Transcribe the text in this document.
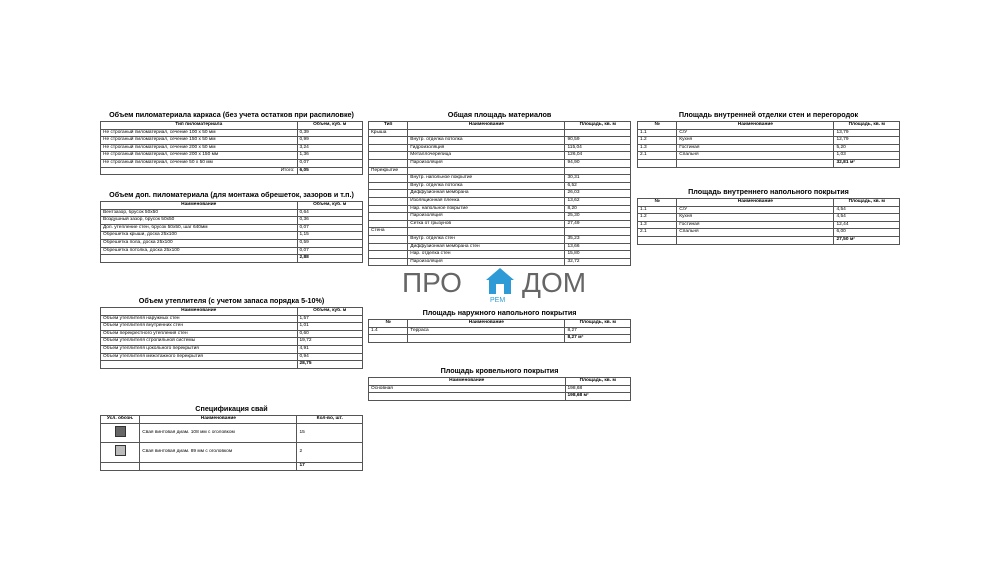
Объем пиломатериала каркаса (без учета остатков при распиловке)
Тип пиломатериала	Объем, куб. м
Не строганый пиломатериал, сечение 100 х 50 мм	0,39
Не строганый пиломатериал, сечение 150 х 50 мм	0,99
Не строганый пиломатериал, сечение 200 х 50 мм	3,24
Не строганый пиломатериал, сечение 200 х 150 мм	1,36
Не строганый пиломатериал, сечение 50 х 50 мм	0,07
Итого:	6,05
Объем доп. пиломатериала (для монтажа обрешеток, зазоров и т.п.)
Наименование	Объем, куб. м
Вентзазор, брусок 50х50	0,64
Воздушный зазор, брусок 50х50	0,36
Доп. утепление стен, брусок 50х50, шаг 640мм	0,07
Обрешетка крыши, доска 25х100	1,15
Обрешетка пола, доска 25х100	0,59
Обрешетка потолка, доска 25х100	0,07
	2,88
Объем утеплителя (с учетом запаса порядка 5-10%)
Наименование	Объем, куб. м
Объем утеплителя наружных стен	1,57
Объем утеплителя внутренних стен	1,01
Объем перекрестного утепления стен	0,60
Объем утеплителя стропильной системы	19,72
Объем утеплителя цокольного перекрытия	4,91
Объем утеплителя межэтажного перекрытия	0,94
	28,75
Спецификация свай
Усл. обозн.	Наименование	Кол-во, шт.
	Свая винтовая диам. 108 мм с оголовком	15
	Свая винтовая диам. 89 мм с оголовком	2
		17
Общая площадь материалов
Тип	Наименование	Площадь, кв. м
Крыша		
	Внутр. отделка потолка	90,59
	Гидроизоляция	115,04
	Металлочерепица	126,04
	Пароизоляция	94,90
Перекрытие		
	Внутр. напольное покрытие	30,31
	Внутр. отделка потолка	6,52
	Диффузионная мембрана	26,03
	Изоляционная пленка	13,62
	Нар. напольное покрытие	8,20
	Пароизоляция	25,30
	Сетка от грызунов	27,49
Стена		
	Внутр. отделка стен	35,23
	Диффузионная мембрана стен	13,66
	Нар. отделка стен	15,80
	Пароизоляция	32,72
ПРО ДОМ
РЕМ
Площадь наружного напольного покрытия
№	Наименование	Площадь, кв. м
1.4	Терраса	8,27
		8,27 м²
Площадь кровельного покрытия
Наименование	Площадь, кв. м
Основная	198,68
	198,68 м²
Площадь внутренней отделки стен и перегородок
№	Наименование	Площадь, кв. м
1.1	С/У	13,79
1.2	Кухня	12,79
1.3	Гостиная	5,20
2.1	Спальня	1,03
		32,81 м²
Площадь внутреннего напольного покрытия
№	Наименование	Площадь, кв. м
1.1	С/У	4,54
1.2	Кухня	4,54
1.3	Гостиная	12,44
2.1	Спальня	6,00
		27,50 м²
